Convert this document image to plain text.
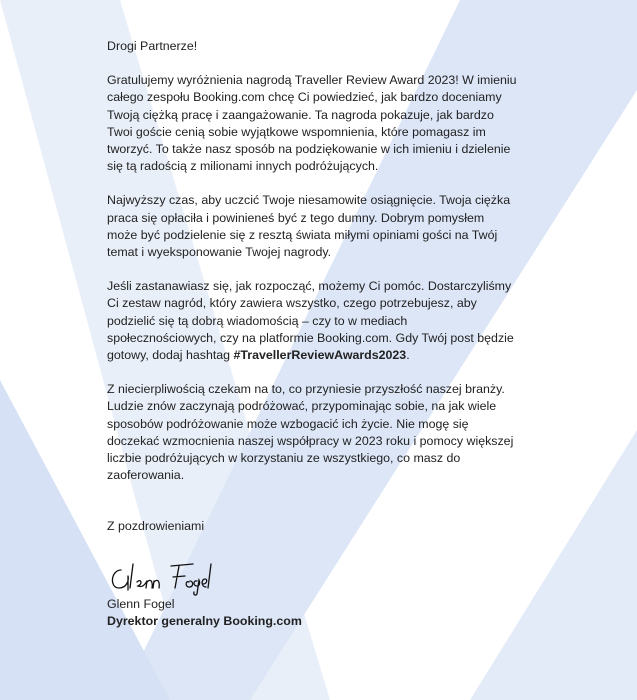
Drogi Partnerze!

Gratulujemy wyróżnienia nagrodą Traveller Review Award 2023! W imieniu całego zespołu Booking.com chcę Ci powiedzieć, jak bardzo doceniamy Twoją ciężką pracę i zaangażowanie. Ta nagroda pokazuje, jak bardzo Twoi goście cenią sobie wyjątkowe wspomnienia, które pomagasz im tworzyć. To także nasz sposób na podziękowanie w ich imieniu i dzielenie się tą radością z milionami innych podróżujących.

Najwyższy czas, aby uczcić Twoje niesamowite osiągnięcie. Twoja ciężka praca się opłaciła i powinieneś być z tego dumny. Dobrym pomysłem może być podzielenie się z resztą świata miłymi opiniami gości na Twój temat i wyeksponowanie Twojej nagrody.

Jeśli zastanawiasz się, jak rozpocząć, możemy Ci pomóc. Dostarczyliśmy Ci zestaw nagród, który zawiera wszystko, czego potrzebujesz, aby podzielić się tą dobrą wiadomością – czy to w mediach społecznościowych, czy na platformie Booking.com. Gdy Twój post będzie gotowy, dodaj hashtag #TravellerReviewAwards2023.

Z niecierpliwością czekam na to, co przyniesie przyszłość naszej branży. Ludzie znów zaczynają podróżować, przypominając sobie, na jak wiele sposobów podróżowanie może wzbogacić ich życie. Nie mogę się doczekać wzmocnienia naszej współpracy w 2023 roku i pomocy większej liczbie podróżujących w korzystaniu ze wszystkiego, co masz do zaoferowania.

Z pozdrowieniami
Glenn Fogel
Dyrektor generalny Booking.com
